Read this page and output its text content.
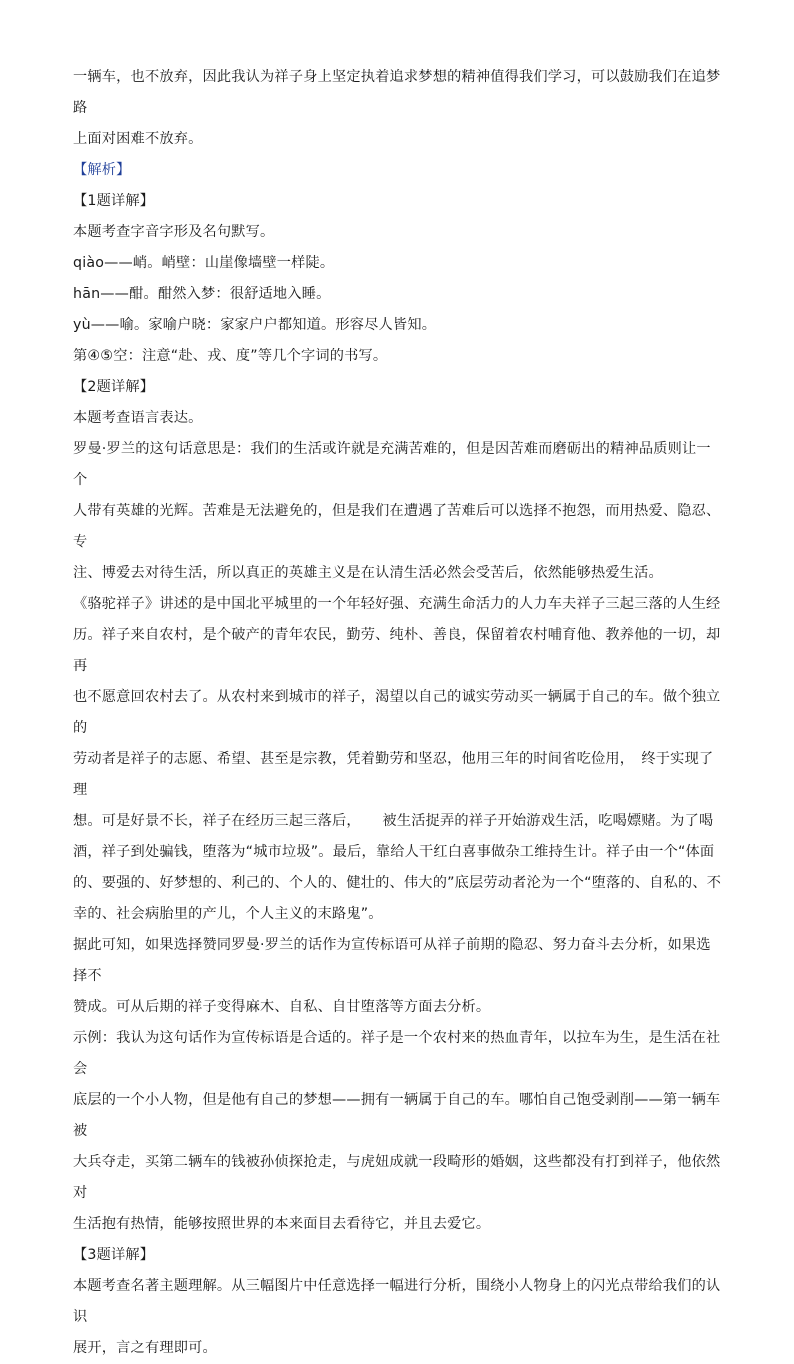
一辆车，也不放弃，因此我认为祥子身上坚定执着追求梦想的精神值得我们学习，可以鼓励我们在追梦路

上面对困难不放弃。

【解析】

【1题详解】

本题考查字音字形及名句默写。

qiào——峭。峭壁：山崖像墙壁一样陡。

hān——酣。酣然入梦：很舒适地入睡。

yù——喻。家喻户晓：家家户户都知道。形容尽人皆知。

第④⑤空：注意“赴、戎、度”等几个字词的书写。

【2题详解】

本题考查语言表达。

罗曼·罗兰的这句话意思是：我们的生活或许就是充满苦难的，但是因苦难而磨砺出的精神品质则让一个

人带有英雄的光辉。苦难是无法避免的，但是我们在遭遇了苦难后可以选择不抱怨，而用热爱、隐忍、专

注、博爱去对待生活，所以真正的英雄主义是在认清生活必然会受苦后，依然能够热爱生活。

《骆驼祥子》讲述的是中国北平城里的一个年轻好强、充满生命活力的人力车夫祥子三起三落的人生经

历。祥子来自农村，是个破产的青年农民，勤劳、纯朴、善良，保留着农村哺育他、教养他的一切，却再

也不愿意回农村去了。从农村来到城市的祥子，渴望以自己的诚实劳动买一辆属于自己的车。做个独立的

劳动者是祥子的志愿、希望、甚至是宗教，凭着勤劳和坚忍，他用三年的时间省吃俭用，　终于实现了理

想。可是好景不长，祥子在经历三起三落后，　　被生活捉弄的祥子开始游戏生活，吃喝嫖赌。为了喝

酒，祥子到处骗钱，堕落为“城市垃圾”。最后，靠给人干红白喜事做杂工维持生计。祥子由一个“体面

的、要强的、好梦想的、利己的、个人的、健壮的、伟大的”底层劳动者沦为一个“堕落的、自私的、不

幸的、社会病胎里的产儿，个人主义的末路鬼”。

据此可知，如果选择赞同罗曼·罗兰的话作为宣传标语可从祥子前期的隐忍、努力奋斗去分析，如果选择不

赞成。可从后期的祥子变得麻木、自私、自甘堕落等方面去分析。

示例：我认为这句话作为宣传标语是合适的。祥子是一个农村来的热血青年，以拉车为生，是生活在社会

底层的一个小人物，但是他有自己的梦想——拥有一辆属于自己的车。哪怕自己饱受剥削——第一辆车被

大兵夺走，买第二辆车的钱被孙侦探抢走，与虎妞成就一段畸形的婚姻，这些都没有打到祥子，他依然对

生活抱有热情，能够按照世界的本来面目去看待它，并且去爱它。

【3题详解】

本题考查名著主题理解。从三幅图片中任意选择一幅进行分析，围绕小人物身上的闪光点带给我们的认识

展开，言之有理即可。
